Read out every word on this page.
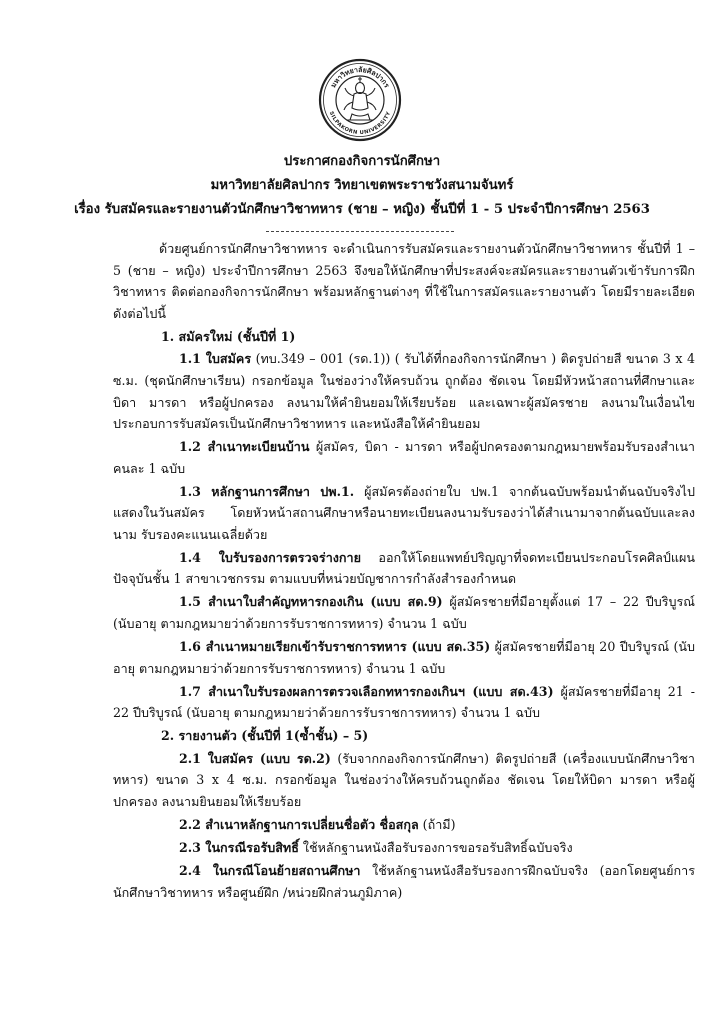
มหาวิทยาลัยศิลปากร
SILPAKORN UNIVERSITY
ประกาศกองกิจการนักศึกษา
มหาวิทยาลัยศิลปากร วิทยาเขตพระราชวังสนามจันทร์
เรื่อง รับสมัครและรายงานตัวนักศึกษาวิชาทหาร (ชาย – หญิง) ชั้นปีที่ 1 - 5 ประจำปีการศึกษา 2563
ด้วยศูนย์การนักศึกษาวิชาทหาร จะดำเนินการรับสมัครและรายงานตัวนักศึกษาวิชาทหาร ชั้นปีที่ 1 – 5 (ชาย – หญิง) ประจำปีการศึกษา 2563 จึงขอให้นักศึกษาที่ประสงค์จะสมัครและรายงานตัวเข้ารับการฝึกวิชาทหาร ติดต่อกองกิจการนักศึกษา พร้อมหลักฐานต่างๆ ที่ใช้ในการสมัครและรายงานตัว โดยมีรายละเอียดดังต่อไปนี้
1. สมัครใหม่ (ชั้นปีที่ 1)
1.1 ใบสมัคร (ทบ.349 – 001 (รด.1)) ( รับได้ที่กองกิจการนักศึกษา ) ติดรูปถ่ายสี ขนาด 3 x 4 ซ.ม. (ชุดนักศึกษาเรียน) กรอกข้อมูล ในช่องว่างให้ครบถ้วน ถูกต้อง ชัดเจน โดยมีหัวหน้าสถานที่ศึกษาและบิดา มารดา หรือผู้ปกครอง ลงนามให้คำยินยอมให้เรียบร้อย และเฉพาะผู้สมัครชาย ลงนามในเงื่อนไขประกอบการรับสมัครเป็นนักศึกษาวิชาทหาร และหนังสือให้คำยินยอม
1.2 สำเนาทะเบียนบ้าน ผู้สมัคร, บิดา - มารดา หรือผู้ปกครองตามกฎหมายพร้อมรับรองสำเนาคนละ 1 ฉบับ
1.3 หลักฐานการศึกษา ปพ.1. ผู้สมัครต้องถ่ายใบ ปพ.1 จากต้นฉบับพร้อมนำต้นฉบับจริงไปแสดงในวันสมัคร โดยหัวหน้าสถานศึกษาหรือนายทะเบียนลงนามรับรองว่าได้สำเนามาจากต้นฉบับและลงนาม รับรองคะแนนเฉลี่ยด้วย
1.4 ใบรับรองการตรวจร่างกาย ออกให้โดยแพทย์ปริญญาที่จดทะเบียนประกอบโรคศิลป์แผนปัจจุบันชั้น 1 สาขาเวชกรรม ตามแบบที่หน่วยบัญชาการกำลังสำรองกำหนด
1.5 สำเนาใบสำคัญทหารกองเกิน (แบบ สด.9) ผู้สมัครชายที่มีอายุตั้งแต่ 17 – 22 ปีบริบูรณ์ (นับอายุ ตามกฎหมายว่าด้วยการรับราชการทหาร) จำนวน 1 ฉบับ
1.6 สำเนาหมายเรียกเข้ารับราชการทหาร (แบบ สด.35) ผู้สมัครชายที่มีอายุ 20 ปีบริบูรณ์ (นับอายุ ตามกฎหมายว่าด้วยการรับราชการทหาร) จำนวน 1 ฉบับ
1.7 สำเนาใบรับรองผลการตรวจเลือกทหารกองเกินฯ (แบบ สด.43) ผู้สมัครชายที่มีอายุ 21 - 22 ปีบริบูรณ์ (นับอายุ ตามกฎหมายว่าด้วยการรับราชการทหาร) จำนวน 1 ฉบับ
2. รายงานตัว (ชั้นปีที่ 1(ซ้ำชั้น) – 5)
2.1 ใบสมัคร (แบบ รด.2) (รับจากกองกิจการนักศึกษา) ติดรูปถ่ายสี (เครื่องแบบนักศึกษาวิชาทหาร) ขนาด 3 x 4 ซ.ม. กรอกข้อมูล ในช่องว่างให้ครบถ้วนถูกต้อง ชัดเจน โดยให้บิดา มารดา หรือผู้ปกครอง ลงนามยินยอมให้เรียบร้อย
2.2 สำเนาหลักฐานการเปลี่ยนชื่อตัว ชื่อสกุล (ถ้ามี)
2.3 ในกรณีรอรับสิทธิ์ ใช้หลักฐานหนังสือรับรองการขอรอรับสิทธิ์ฉบับจริง
2.4 ในกรณีโอนย้ายสถานศึกษา ใช้หลักฐานหนังสือรับรองการฝึกฉบับจริง (ออกโดยศูนย์การนักศึกษาวิชาทหาร หรือศูนย์ฝึก /หน่วยฝึกส่วนภูมิภาค)
